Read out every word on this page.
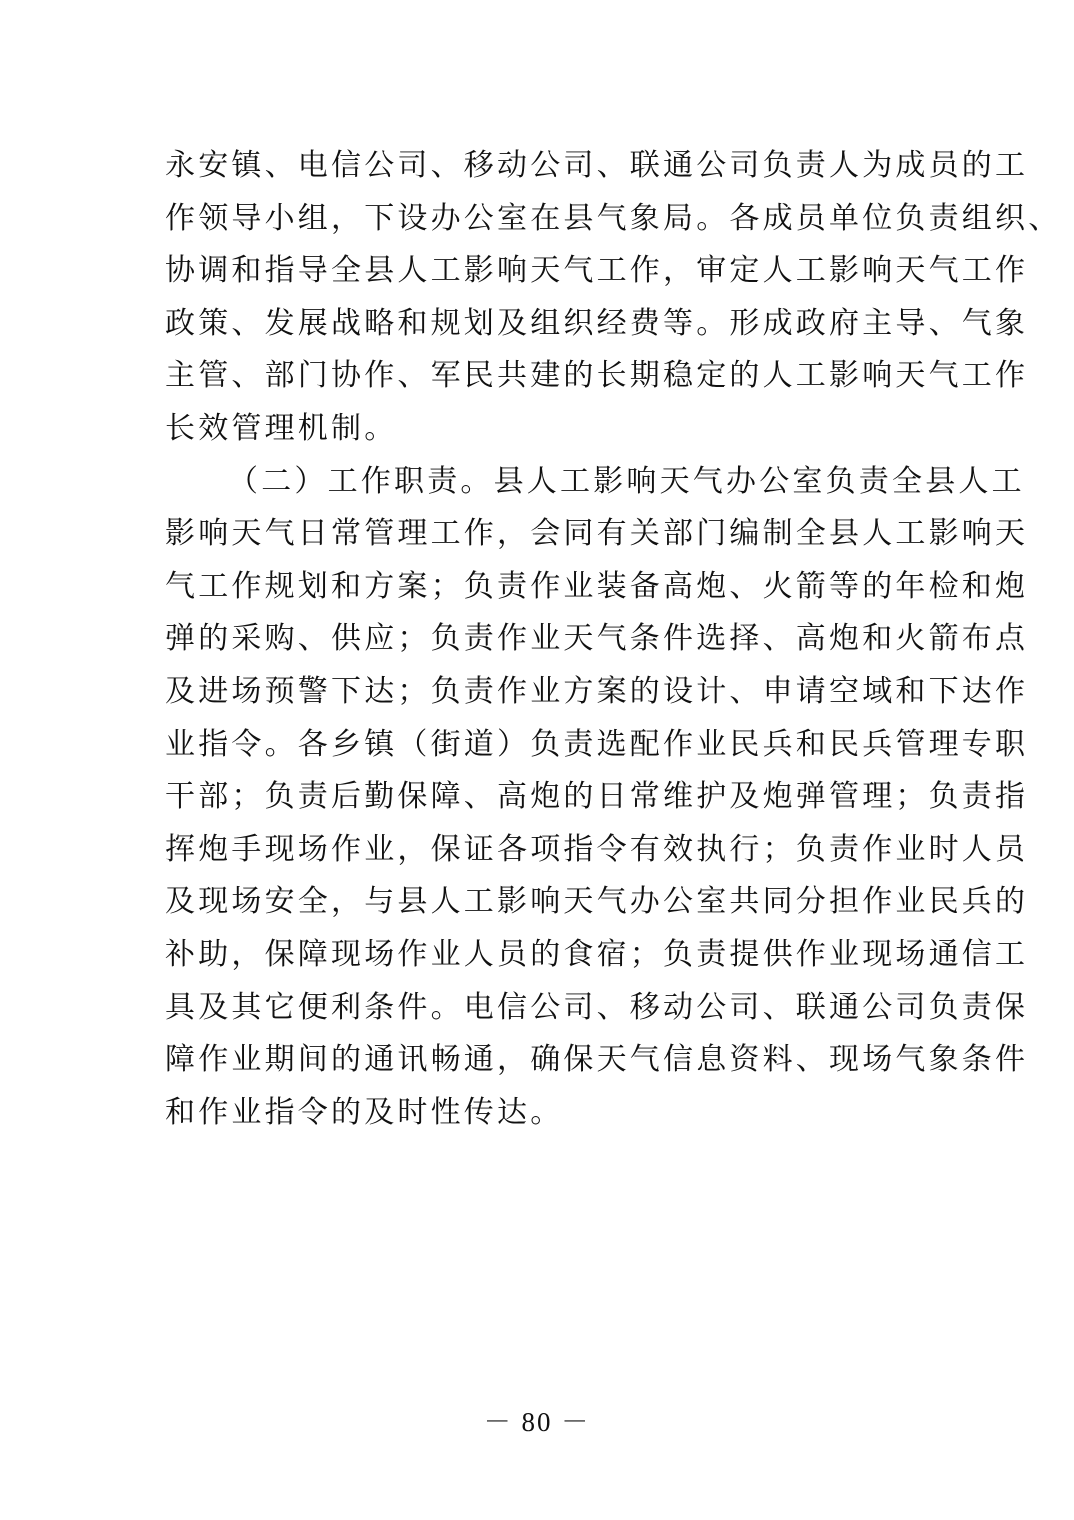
永安镇、电信公司、移动公司、联通公司负责人为成员的工
作领导小组，下设办公室在县气象局。各成员单位负责组织、
协调和指导全县人工影响天气工作，审定人工影响天气工作
政策、发展战略和规划及组织经费等。形成政府主导、气象
主管、部门协作、军民共建的长期稳定的人工影响天气工作
长效管理机制。
（二）工作职责。县人工影响天气办公室负责全县人工
影响天气日常管理工作，会同有关部门编制全县人工影响天
气工作规划和方案；负责作业装备高炮、火箭等的年检和炮
弹的采购、供应；负责作业天气条件选择、高炮和火箭布点
及进场预警下达；负责作业方案的设计、申请空域和下达作
业指令。各乡镇（街道）负责选配作业民兵和民兵管理专职
干部；负责后勤保障、高炮的日常维护及炮弹管理；负责指
挥炮手现场作业，保证各项指令有效执行；负责作业时人员
及现场安全，与县人工影响天气办公室共同分担作业民兵的
补助，保障现场作业人员的食宿；负责提供作业现场通信工
具及其它便利条件。电信公司、移动公司、联通公司负责保
障作业期间的通讯畅通，确保天气信息资料、现场气象条件
和作业指令的及时性传达。
－ 80 －
